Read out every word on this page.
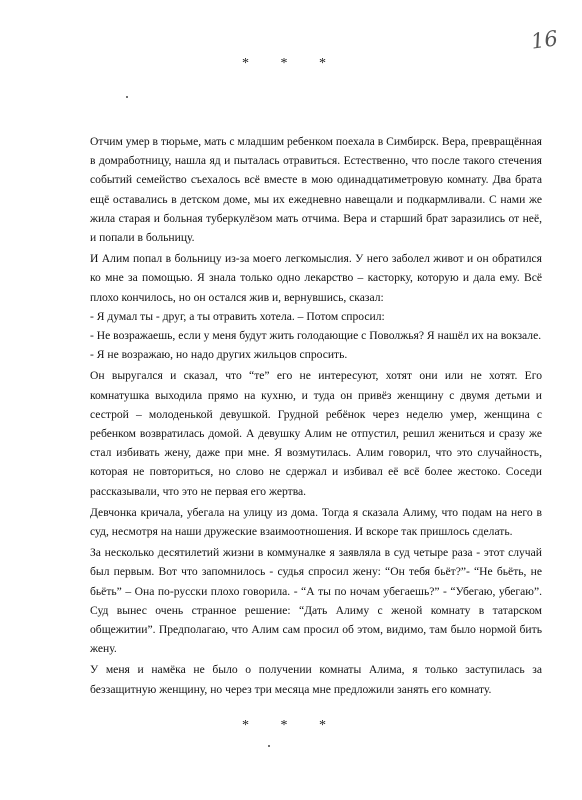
16
* * *

Отчим умер в тюрьме, мать с младшим ребенком поехала в Симбирск. Вера, превращённая в домработницу, нашла яд и пыталась отравиться. Естественно, что после такого стечения событий семейство съехалось всё вместе в мою одинадцатиметровую комнату. Два брата ещё оставались в детском доме, мы их ежедневно навещали и подкармливали. С нами же жила старая и больная туберкулёзом мать отчима. Вера и старший брат заразились от неё, и попали в больницу.

И Алим попал в больницу из-за моего легкомыслия. У него заболел живот и он обратился ко мне за помощью. Я знала только одно лекарство – касторку, которую и дала ему. Всё плохо кончилось, но он остался жив и, вернувшись, сказал:

- Я думал ты - друг, а ты отравить хотела. – Потом спросил:

- Не возражаешь, если у меня будут жить голодающие с Поволжья? Я нашёл их на вокзале.

- Я не возражаю, но надо других жильцов спросить.

Он выругался и сказал, что “те” его не интересуют, хотят они или не хотят. Его комнатушка выходила прямо на кухню, и туда он привёз женщину с двумя детьми и сестрой – молоденькой девушкой. Грудной ребёнок через неделю умер, женщина с ребенком возвратилась домой. А девушку Алим не отпустил, решил жениться и сразу же стал избивать жену, даже при мне. Я возмутилась. Алим говорил, что это случайность, которая не повториться, но слово не сдержал и избивал её всё более жестоко. Соседи рассказывали, что это не первая его жертва.

Девчонка кричала, убегала на улицу из дома. Тогда я сказала Алиму, что подам на него в суд, несмотря на наши дружеские взаимоотношения. И вскоре так пришлось сделать.

За несколько десятилетий жизни в коммуналке я заявляла в суд четыре раза - этот случай был первым. Вот что запомнилось - судья спросил жену: “Он тебя бьёт?”- “Не бьёть, не бьёть” – Она по-русски плохо говорила. - “А ты по ночам убегаешь?” - “Убегаю, убегаю”. Суд вынес очень странное решение: “Дать Алиму с женой комнату в татарском общежитии”. Предполагаю, что Алим сам просил об этом, видимо, там было нормой бить жену.

У меня и намёка не было о получении комнаты Алима, я только заступилась за беззащитную женщину, но через три месяца мне предложили занять его комнату.

* * *
